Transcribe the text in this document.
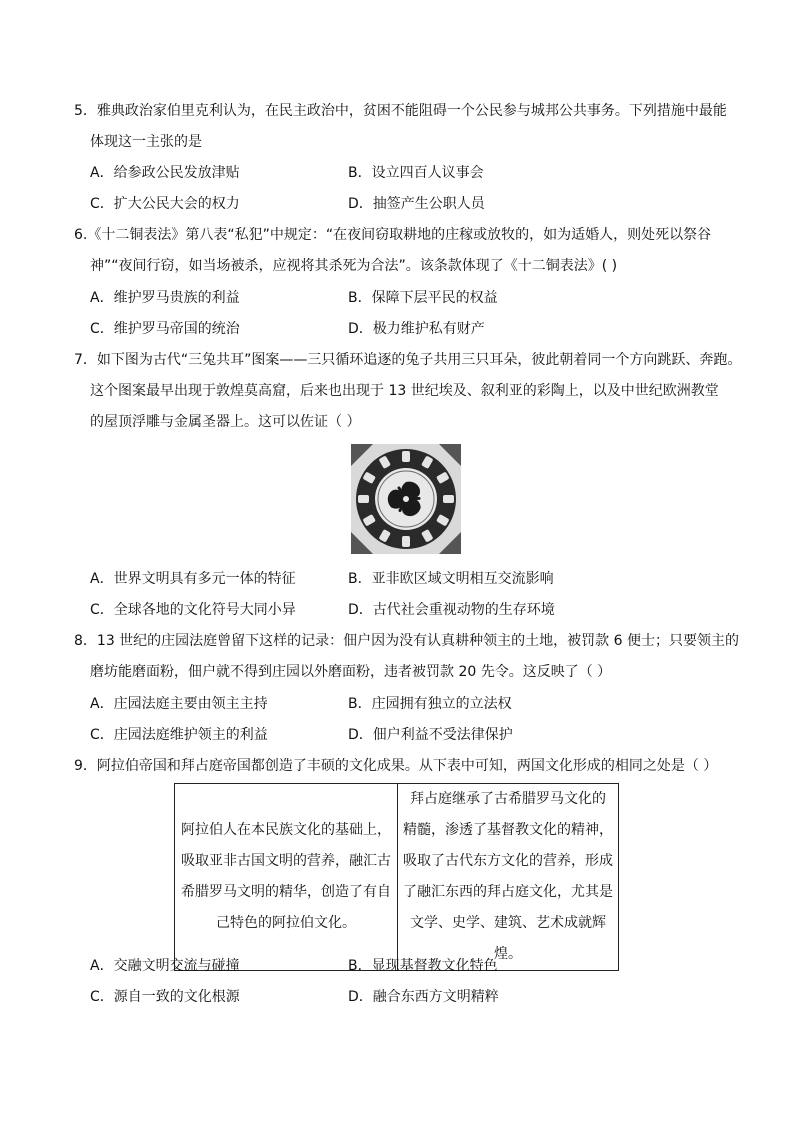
5．雅典政治家伯里克利认为，在民主政治中，贫困不能阻碍一个公民参与城邦公共事务。下列措施中最能
体现这一主张的是
A．给参政公民发放津贴	B．设立四百人议事会
C．扩大公民大会的权力	D．抽签产生公职人员
6.《十二铜表法》第八表“私犯”中规定：“在夜间窃取耕地的庄稼或放牧的，如为适婚人，则处死以祭谷
神”“夜间行窃，如当场被杀，应视将其杀死为合法”。该条款体现了《十二铜表法》( )
A．维护罗马贵族的利益	B．保障下层平民的权益
C．维护罗马帝国的统治	D．极力维护私有财产
7．如下图为古代“三兔共耳”图案——三只循环追逐的兔子共用三只耳朵，彼此朝着同一个方向跳跃、奔跑。
这个图案最早出现于敦煌莫高窟，后来也出现于 13 世纪埃及、叙利亚的彩陶上，以及中世纪欧洲教堂
的屋顶浮雕与金属圣器上。这可以佐证（ ）
A．世界文明具有多元一体的特征	B．亚非欧区域文明相互交流影响
C．全球各地的文化符号大同小异	D．古代社会重视动物的生存环境
8．13 世纪的庄园法庭曾留下这样的记录：佃户因为没有认真耕种领主的土地，被罚款 6 便士；只要领主的
磨坊能磨面粉，佃户就不得到庄园以外磨面粉，违者被罚款 20 先令。这反映了（ ）
A．庄园法庭主要由领主主持	B．庄园拥有独立的立法权
C．庄园法庭维护领主的利益	D．佃户利益不受法律保护
9．阿拉伯帝国和拜占庭帝国都创造了丰硕的文化成果。从下表中可知，两国文化形成的相同之处是（ ）
阿拉伯人在本民族文化的基础上，
吸取亚非古国文明的营养，融汇古
希腊罗马文明的精华，创造了有自
己特色的阿拉伯文化。

拜占庭继承了古希腊罗马文化的
精髓，渗透了基督教文化的精神，
吸取了古代东方文化的营养，形成
了融汇东西的拜占庭文化，尤其是
文学、史学、建筑、艺术成就辉煌。
A．交融文明交流与碰撞	B．显现基督教文化特色
C．源自一致的文化根源	D．融合东西方文明精粹
